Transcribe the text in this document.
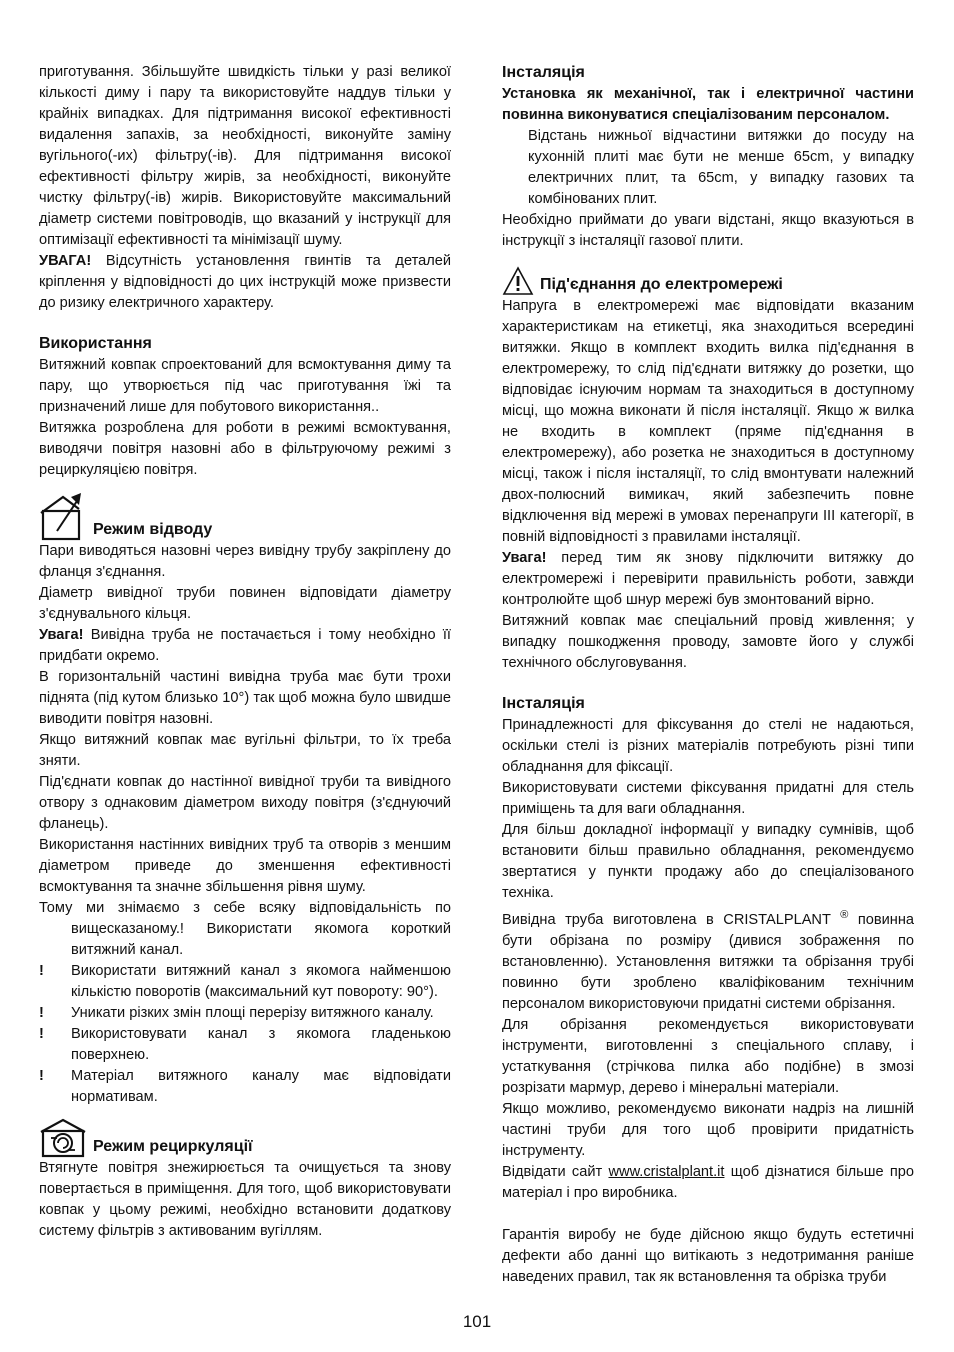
приготування. Збільшуйте швидкість тільки у разі великої кількості диму і пару та використовуйте наддув тільки у крайніх випадках. Для підтримання високої ефективності видалення запахів, за необхідності, виконуйте заміну вугільного(-их) фільтру(-ів). Для підтримання високої ефективності фільтру жирів, за необхідності, виконуйте чистку фільтру(-ів) жирів. Використовуйте максимальний діаметр системи повітроводів, що вказаний у інструкції для оптимізації ефективності та мінімізації шуму.

УВАГА! Відсутність установлення гвинтів та деталей кріплення у відповідності до цих інструкцій може призвести до ризику електричного характеру.

Використання

Витяжний ковпак спроектований для всмоктування диму та пару, що утворюється під час приготування їжі та призначений лише для побутового використання..

Витяжка розроблена для роботи в режимі всмоктування, виводячи повітря назовні або в фільтруючому режимі з рециркуляцією повітря.

Режим відводу

Пари виводяться назовні через вивідну трубу закріплену до фланця з'єднання.

Діаметр вивідної труби повинен відповідати діаметру з'єднувального кільця.

Увага! Вивідна труба не постачається і тому необхідно її придбати окремо.

В горизонтальній частині вивідна труба має бути трохи піднята (під кутом близько 10°) так щоб можна було швидше виводити повітря назовні.

Якщо витяжний ковпак має вугільні фільтри, то їх треба зняти.

Під'єднати ковпак до настінної вивідної труби та вивідного отвору з однаковим діаметром виходу повітря (з'єднуючий фланець).

Використання настінних вивідних труб та отворів з меншим діаметром приведе до зменшення ефективності всмоктування та значне збільшення рівня шуму.

Тому ми знімаємо з себе всяку відповідальність по вищесказаному.! Використати якомога короткий витяжний канал.

!	Використати витяжний канал з якомога найменшою кількістю поворотів (максимальний кут повороту: 90°).
!	Уникати різких змін площі перерізу витяжного каналу.
!	Використовувати канал з якомога гладенькою поверхнею.
!	Матеріал витяжного каналу має відповідати нормативам.
Режим рециркуляції

Втягнуте повітря знежирюється та очищується та знову повертається в приміщення. Для того, щоб використовувати ковпак у цьому режимі, необхідно встановити додаткову систему фільтрів з активованим вугіллям.

Інсталяція

Установка як механічної, так і електричної частини повинна виконуватися спеціалізованим персоналом.

Відстань нижньої відчастини витяжки до посуду на кухонній плиті має бути не менше 65cm, у випадку електричних плит, та 65cm, у випадку газових та комбінованих плит.

Необхідно приймати до уваги відстані, якщо вказуються в інструкції з інсталяції газової плити.

Під'єднання до електромережі

Напруга в електромережі має відповідати вказаним характеристикам на етикетці, яка знаходиться всередині витяжки. Якщо в комплект входить вилка під'єднання в електромережу, то слід під'єднати витяжку до розетки, що відповідає існуючим нормам та знаходиться в доступному місці, що можна виконати й після інсталяції. Якщо ж вилка не входить в комплект (пряме під'єднання в електромережу), або розетка не знаходиться в доступному місці, також і після інсталяції, то слід вмонтувати належний двох-полюсний вимикач, який забезпечить повне відключення від мережі в умовах перенапруги III категорії, в повній відповідності з правилами інсталяції.

Увага! перед тим як знову підключити витяжку до електромережі і перевірити правильність роботи, завжди контролюйте щоб шнур мережі був змонтований вірно.

Витяжний ковпак має спеціальний провід живлення; у випадку пошкодження проводу, замовте його у службі технічного обслуговування.

Інсталяція

Принадлежності для фіксування до стелі не надаються, оскільки стелі із різних матеріалів потребують різні типи обладнання для фіксації.

Використовувати системи фіксування придатні для стель приміщень та для ваги обладнання.

Для більш докладної інформації у випадку сумнівів, щоб встановити більш правильно обладнання, рекомендуємо звертатися у пункти продажу або до спеціалізованого техніка.

Вивідна труба виготовлена в CRISTALPLANT ® повинна бути обрізана по розміру (дивися зображення по встановленню). Установлення витяжки та обрізання трубі повинно бути зроблено кваліфікованим технічним персоналом використовуючи придатні системи обрізання.

Для обрізання рекомендується використовувати інструменти, виготовленні з спеціального сплаву, і устаткування (стрічкова пилка або подібне) в змозі розрізати мармур, дерево і мінеральні матеріали.

Якщо можливо, рекомендуємо виконати надріз на лишній частині труби для того щоб провірити придатність інструменту.

Відвідати сайт www.cristalplant.it щоб дізнатися більше про матеріал і про виробника.

Гарантія виробу не буде дійсною якщо будуть естетичні дефекти або данні що витікають з недотримання раніше наведених правил, так як встановлення та обрізка труби

101
